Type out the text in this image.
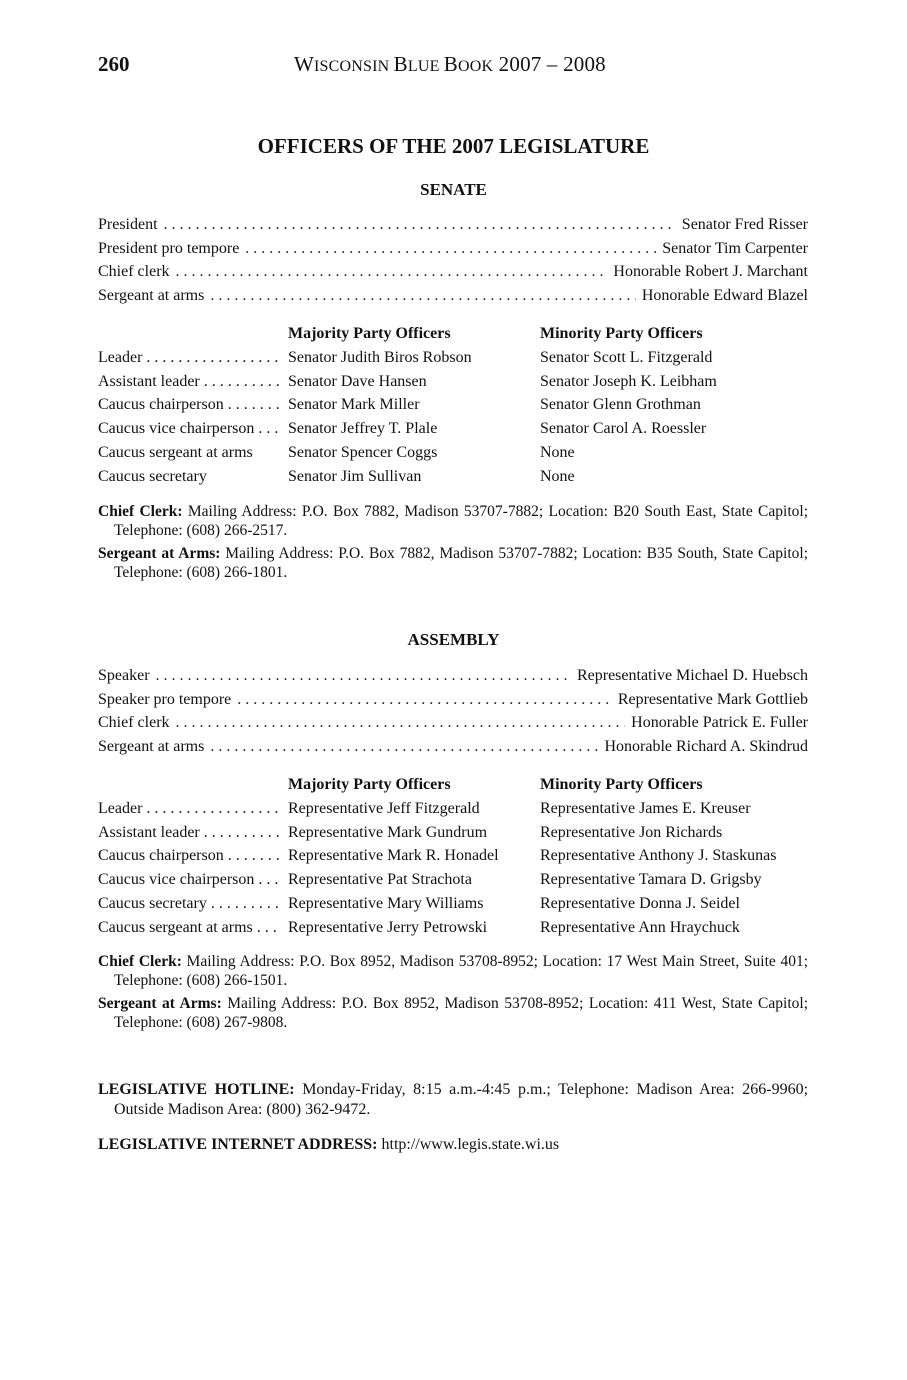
260	WISCONSIN BLUE BOOK 2007 – 2008
OFFICERS OF THE 2007 LEGISLATURE
SENATE
President . . .	Senator Fred Risser
President pro tempore . . .	Senator Tim Carpenter
Chief clerk . . .	Honorable Robert J. Marchant
Sergeant at arms . . .	Honorable Edward Blazel
Majority Party Officers	Minority Party Officers
Leader . . .	Senator Judith Biros Robson	Senator Scott L. Fitzgerald
Assistant leader . . .	Senator Dave Hansen	Senator Joseph K. Leibham
Caucus chairperson . . .	Senator Mark Miller	Senator Glenn Grothman
Caucus vice chairperson . . . Senator Jeffrey T. Plale	Senator Carol A. Roessler
Caucus sergeant at arms Senator Spencer Coggs	None
Caucus secretary	Senator Jim Sullivan	None
Chief Clerk: Mailing Address: P.O. Box 7882, Madison 53707-7882; Location: B20 South East, State Capitol; Telephone: (608) 266-2517.
Sergeant at Arms: Mailing Address: P.O. Box 7882, Madison 53707-7882; Location: B35 South, State Capitol; Telephone: (608) 266-1801.
ASSEMBLY
Speaker . . .	Representative Michael D. Huebsch
Speaker pro tempore . . .	Representative Mark Gottlieb
Chief clerk . . .	Honorable Patrick E. Fuller
Sergeant at arms . . .	Honorable Richard A. Skindrud
Majority Party Officers	Minority Party Officers
Leader . . .	Representative Jeff Fitzgerald	Representative James E. Kreuser
Assistant leader . . .	Representative Mark Gundrum	Representative Jon Richards
Caucus chairperson . . .	Representative Mark R. Honadel	Representative Anthony J. Staskunas
Caucus vice chairperson . . . Representative Pat Strachota	Representative Tamara D. Grigsby
Caucus secretary . . .	Representative Mary Williams	Representative Donna J. Seidel
Caucus sergeant at arms . . . Representative Jerry Petrowski	Representative Ann Hraychuck
Chief Clerk: Mailing Address: P.O. Box 8952, Madison 53708-8952; Location: 17 West Main Street, Suite 401; Telephone: (608) 266-1501.
Sergeant at Arms: Mailing Address: P.O. Box 8952, Madison 53708-8952; Location: 411 West, State Capitol; Telephone: (608) 267-9808.
LEGISLATIVE HOTLINE: Monday-Friday, 8:15 a.m.-4:45 p.m.; Telephone: Madison Area: 266-9960; Outside Madison Area: (800) 362-9472.
LEGISLATIVE INTERNET ADDRESS: http://www.legis.state.wi.us
